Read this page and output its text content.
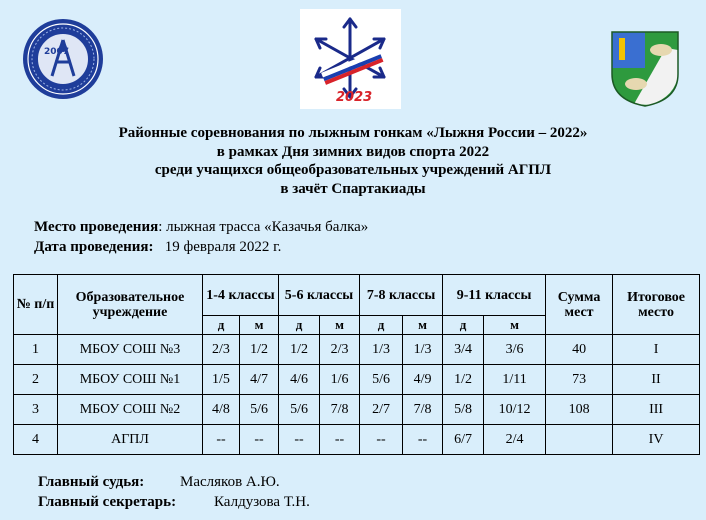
2007
2023
Районные соревнования по лыжным гонкам «Лыжня России – 2022»
в рамках Дня зимних видов спорта 2022
среди учащихся общеобразовательных учреждений АГПЛ
в зачёт Спартакиады
Место проведения: лыжная трасса «Казачья балка»
Дата проведения: 19 февраля 2022 г.
№ п/п	Образовательное учреждение	1-4 классы		5-6 классы		7-8 классы		9-11 классы		Сумма мест	Итоговое место
		д	м	д	м	д	м	д	м		
1	МБОУ СОШ №3	2/3	1/2	1/2	2/3	1/3	1/3	3/4	3/6	40	I
2	МБОУ СОШ №1	1/5	4/7	4/6	1/6	5/6	4/9	1/2	1/11	73	II
3	МБОУ СОШ №2	4/8	5/6	5/6	7/8	2/7	7/8	5/8	10/12	108	III
4	АГПЛ	--	--	--	--	--	--	6/7	2/4		IV
Главный судья: Масляков А.Ю.
Главный секретарь:	Калдузова Т.Н.
